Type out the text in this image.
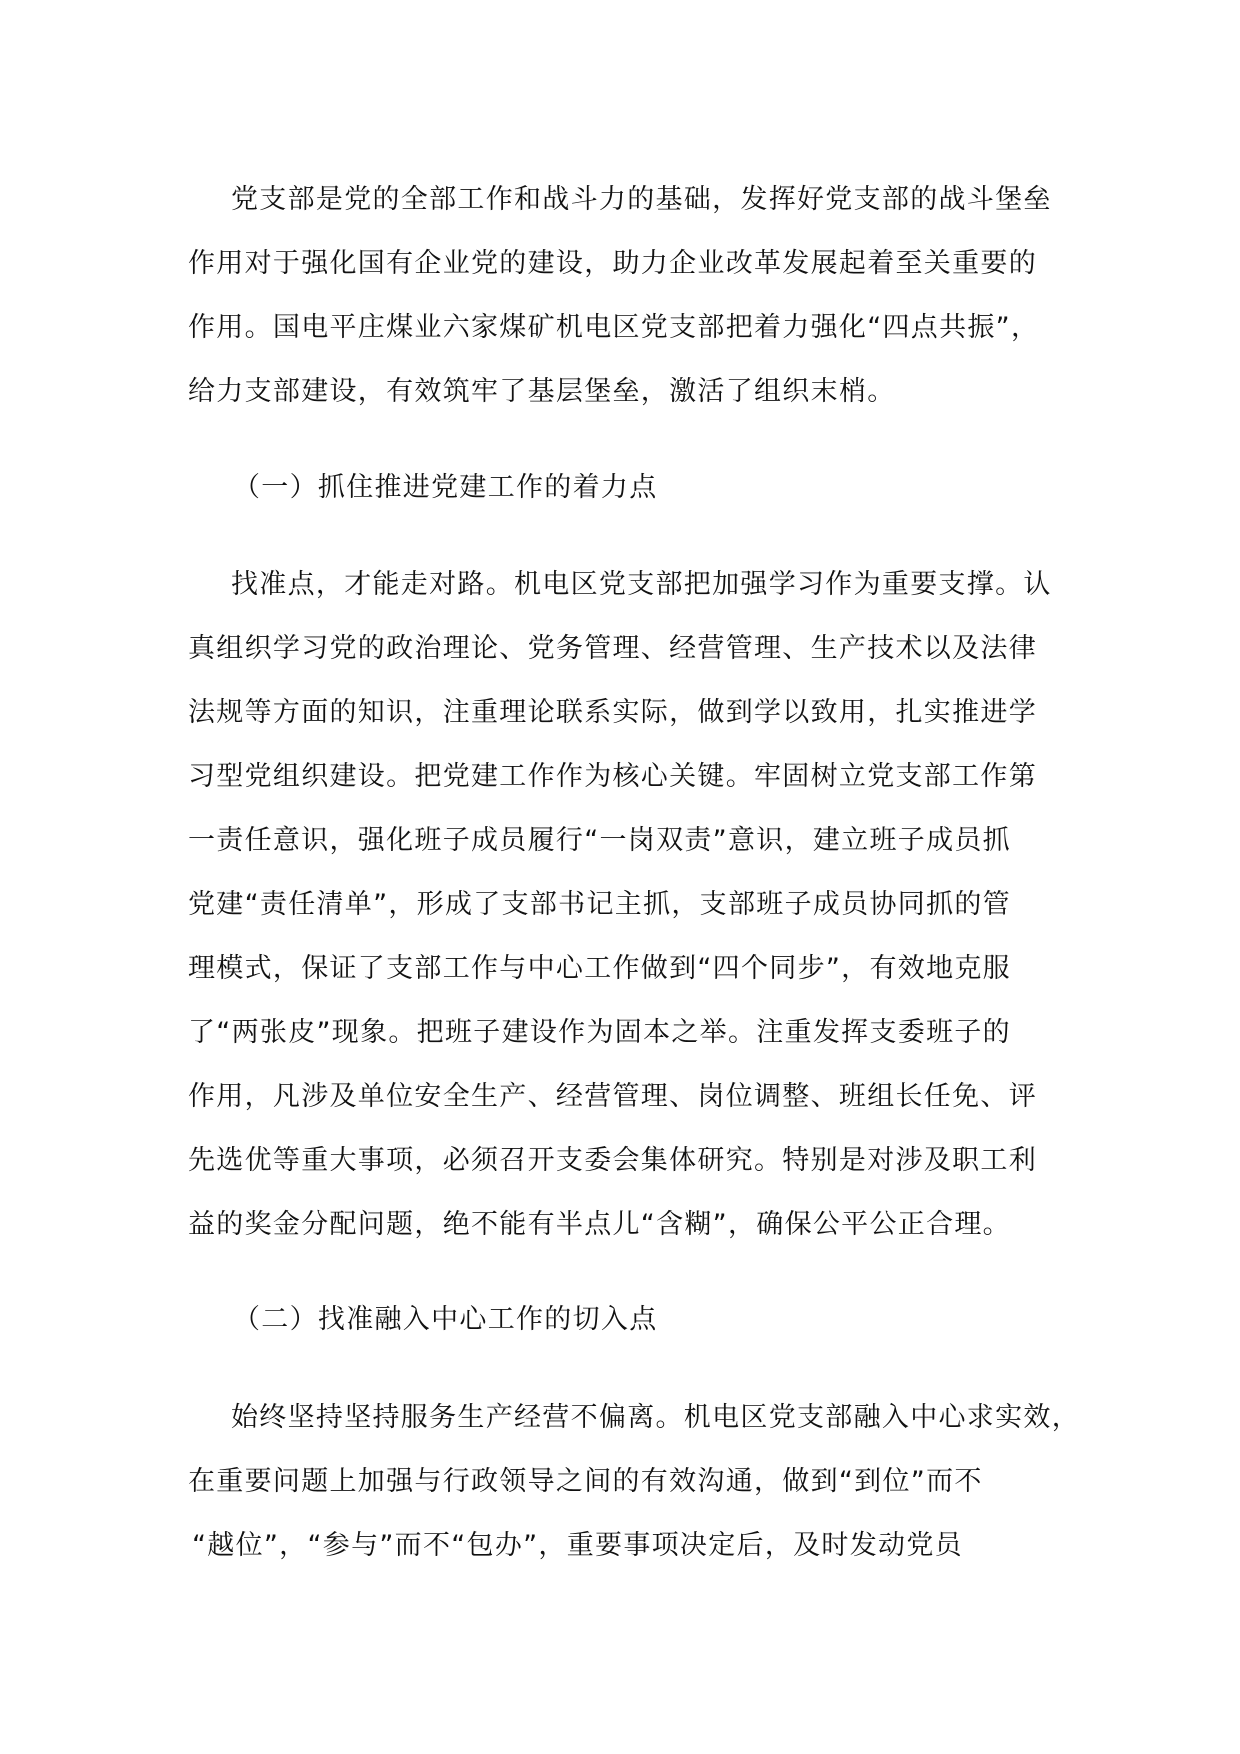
党支部是党的全部工作和战斗力的基础，发挥好党支部的战斗堡垒
作用对于强化国有企业党的建设，助力企业改革发展起着至关重要的
作用。国电平庄煤业六家煤矿机电区党支部把着力强化“四点共振”，
给力支部建设，有效筑牢了基层堡垒，激活了组织末梢。
（一）抓住推进党建工作的着力点
找准点，才能走对路。机电区党支部把加强学习作为重要支撑。认
真组织学习党的政治理论、党务管理、经营管理、生产技术以及法律
法规等方面的知识，注重理论联系实际，做到学以致用，扎实推进学
习型党组织建设。把党建工作作为核心关键。牢固树立党支部工作第
一责任意识，强化班子成员履行“一岗双责”意识，建立班子成员抓
党建“责任清单”，形成了支部书记主抓，支部班子成员协同抓的管
理模式，保证了支部工作与中心工作做到“四个同步”，有效地克服
了“两张皮”现象。把班子建设作为固本之举。注重发挥支委班子的
作用，凡涉及单位安全生产、经营管理、岗位调整、班组长任免、评
先选优等重大事项，必须召开支委会集体研究。特别是对涉及职工利
益的奖金分配问题，绝不能有半点儿“含糊”，确保公平公正合理。
（二）找准融入中心工作的切入点
始终坚持坚持服务生产经营不偏离。机电区党支部融入中心求实效，
在重要问题上加强与行政领导之间的有效沟通，做到“到位”而不
“越位”，“参与”而不“包办”，重要事项决定后，及时发动党员
